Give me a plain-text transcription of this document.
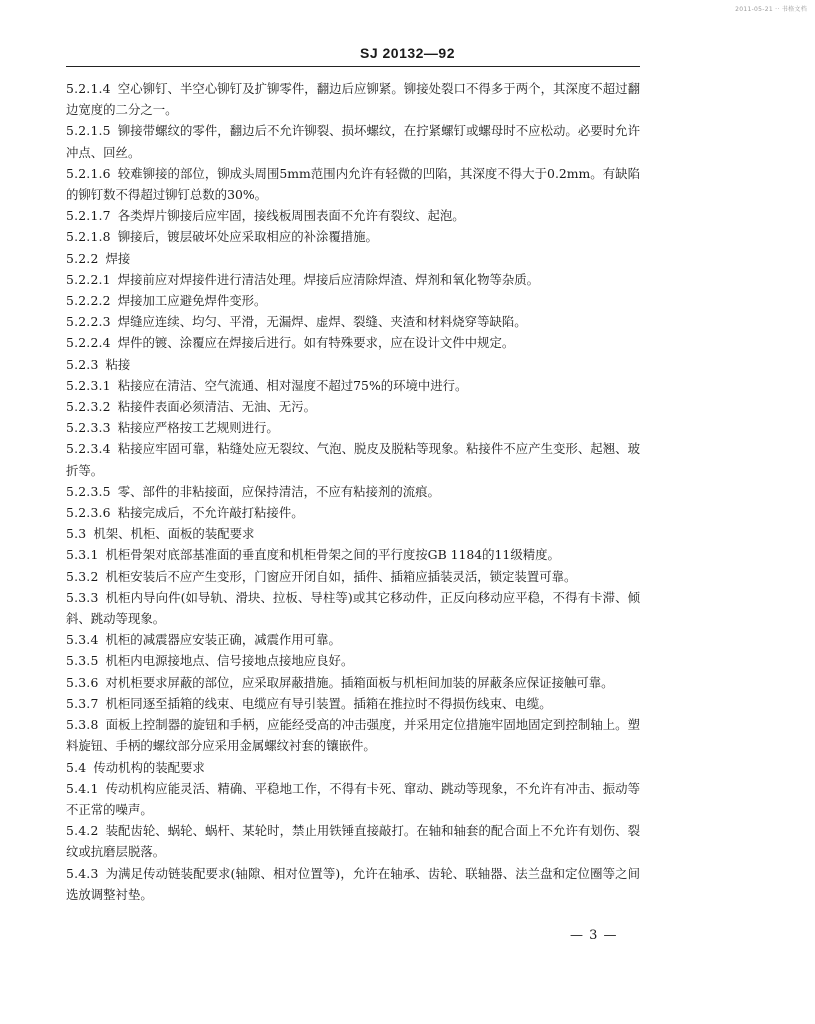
2011-05-21 ·· 书格文档
SJ 20132—92

5.2.1.4 空心铆钉、半空心铆钉及扩铆零件，翻边后应铆紧。铆接处裂口不得多于两个，其深度不超过翻边宽度的二分之一。

5.2.1.5 铆接带螺纹的零件，翻边后不允许铆裂、损坏螺纹，在拧紧螺钉或螺母时不应松动。必要时允许冲点、回丝。

5.2.1.6 较难铆接的部位，铆成头周围5mm范围内允许有轻微的凹陷，其深度不得大于0.2mm。有缺陷的铆钉数不得超过铆钉总数的30%。

5.2.1.7 各类焊片铆接后应牢固，接线板周围表面不允许有裂纹、起泡。

5.2.1.8 铆接后，镀层破坏处应采取相应的补涂覆措施。

5.2.2 焊接

5.2.2.1 焊接前应对焊接件进行清洁处理。焊接后应清除焊渣、焊剂和氧化物等杂质。

5.2.2.2 焊接加工应避免焊件变形。

5.2.2.3 焊缝应连续、均匀、平滑，无漏焊、虚焊、裂缝、夹渣和材料烧穿等缺陷。

5.2.2.4 焊件的镀、涂覆应在焊接后进行。如有特殊要求，应在设计文件中规定。

5.2.3 粘接

5.2.3.1 粘接应在清洁、空气流通、相对湿度不超过75%的环境中进行。

5.2.3.2 粘接件表面必须清洁、无油、无污。

5.2.3.3 粘接应严格按工艺规则进行。

5.2.3.4 粘接应牢固可靠，粘缝处应无裂纹、气泡、脱皮及脱粘等现象。粘接件不应产生变形、起翘、玻折等。

5.2.3.5 零、部件的非粘接面，应保持清洁，不应有粘接剂的流痕。

5.2.3.6 粘接完成后，不允许敲打粘接件。

5.3 机架、机柜、面板的装配要求

5.3.1 机柜骨架对底部基准面的垂直度和机柜骨架之间的平行度按GB 1184的11级精度。

5.3.2 机柜安装后不应产生变形，门窗应开闭自如，插件、插箱应插装灵活，锁定装置可靠。

5.3.3 机柜内导向件(如导轨、滑块、拉板、导柱等)或其它移动件，正反向移动应平稳，不得有卡滞、倾斜、跳动等现象。

5.3.4 机柜的减震器应安装正确，减震作用可靠。

5.3.5 机柜内电源接地点、信号接地点接地应良好。

5.3.6 对机柜要求屏蔽的部位，应采取屏蔽措施。插箱面板与机柜间加装的屏蔽条应保证接触可靠。

5.3.7 机柜同逐至插箱的线束、电缆应有导引装置。插箱在推拉时不得损伤线束、电缆。

5.3.8 面板上控制器的旋钮和手柄，应能经受高的冲击强度，并采用定位措施牢固地固定到控制轴上。塑料旋钮、手柄的螺纹部分应采用金属螺纹衬套的镶嵌件。

5.4 传动机构的装配要求

5.4.1 传动机构应能灵活、精确、平稳地工作，不得有卡死、窜动、跳动等现象，不允许有冲击、振动等不正常的噪声。

5.4.2 装配齿轮、蜗轮、蜗杆、某轮时，禁止用铁锤直接敲打。在轴和轴套的配合面上不允许有划伤、裂纹或抗磨层脱落。

5.4.3 为满足传动链装配要求(轴隙、相对位置等)，允许在轴承、齿轮、联轴器、法兰盘和定位圈等之间选放调整衬垫。

— 3 —
